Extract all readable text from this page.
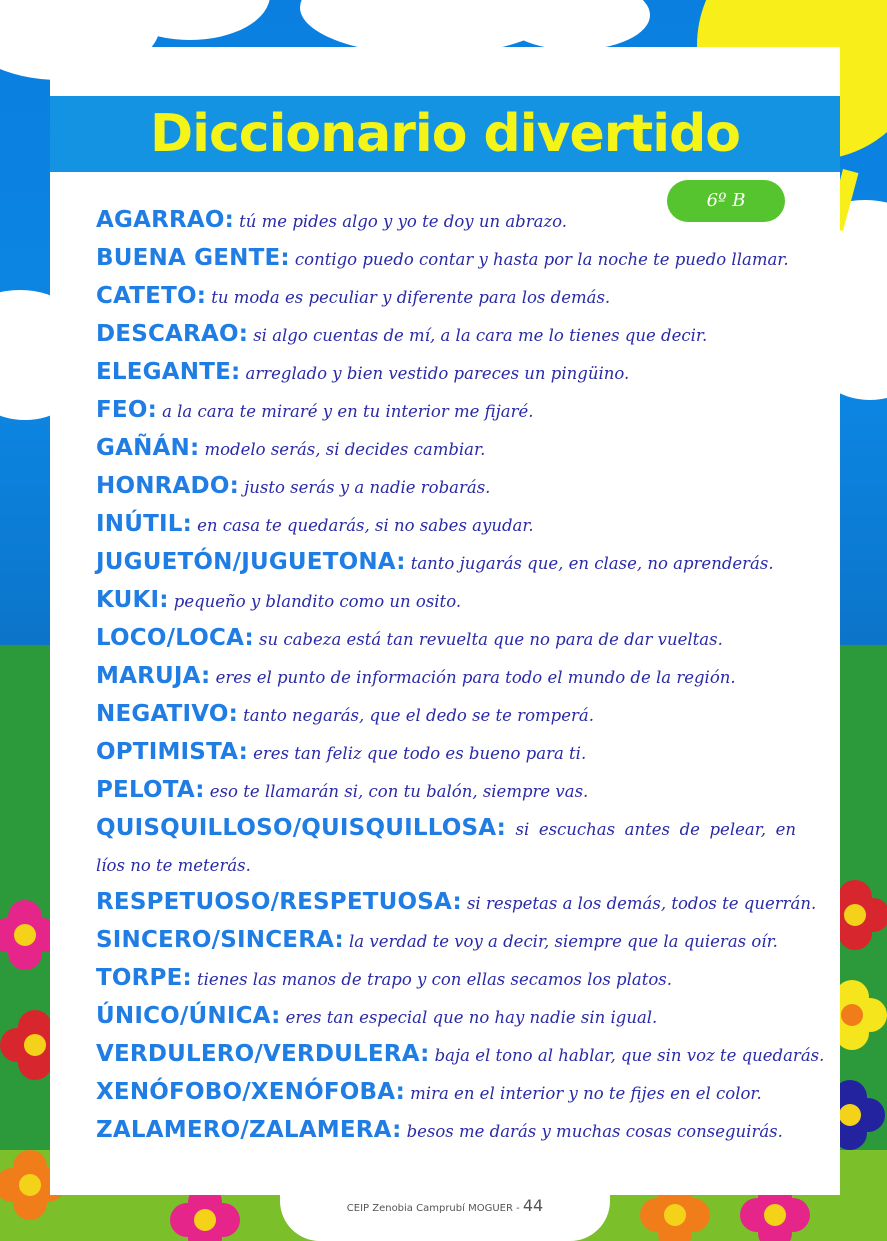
Diccionario divertido
6º B
AGARRAO: tú me pides algo y yo te doy un abrazo.
BUENA GENTE: contigo puedo contar y hasta por la noche te puedo llamar.
CATETO: tu moda es peculiar y diferente para los demás.
DESCARAO: si algo cuentas de mí, a la cara me lo tienes que decir.
ELEGANTE: arreglado y bien vestido pareces un pingüino.
FEO: a la cara te miraré y en tu interior me fijaré.
GAÑÁN: modelo serás, si decides cambiar.
HONRADO: justo serás y a nadie robarás.
INÚTIL: en casa te quedarás, si no sabes ayudar.
JUGUETÓN/JUGUETONA: tanto jugarás que, en clase, no aprenderás.
KUKI: pequeño y blandito como un osito.
LOCO/LOCA: su cabeza está tan revuelta que no para de dar vueltas.
MARUJA: eres el punto de información para todo el mundo de la región.
NEGATIVO: tanto negarás, que el dedo se te romperá.
OPTIMISTA: eres tan feliz que todo es bueno para ti.
PELOTA: eso te llamarán si, con tu balón, siempre vas.
QUISQUILLOSO/QUISQUILLOSA: si escuchas antes de pelear, en líos no te meterás.
RESPETUOSO/RESPETUOSA: si respetas a los demás, todos te querrán.
SINCERO/SINCERA: la verdad te voy a decir, siempre que la quieras oír.
TORPE: tienes las manos de trapo y con ellas secamos los platos.
ÚNICO/ÚNICA: eres tan especial que no hay nadie sin igual.
VERDULERO/VERDULERA: baja el tono al hablar, que sin voz te quedarás.
XENÓFOBO/XENÓFOBA: mira en el interior y no te fijes en el color.
ZALAMERO/ZALAMERA: besos me darás y muchas cosas conseguirás.
CEIP Zenobia Camprubí MOGUER - 44
